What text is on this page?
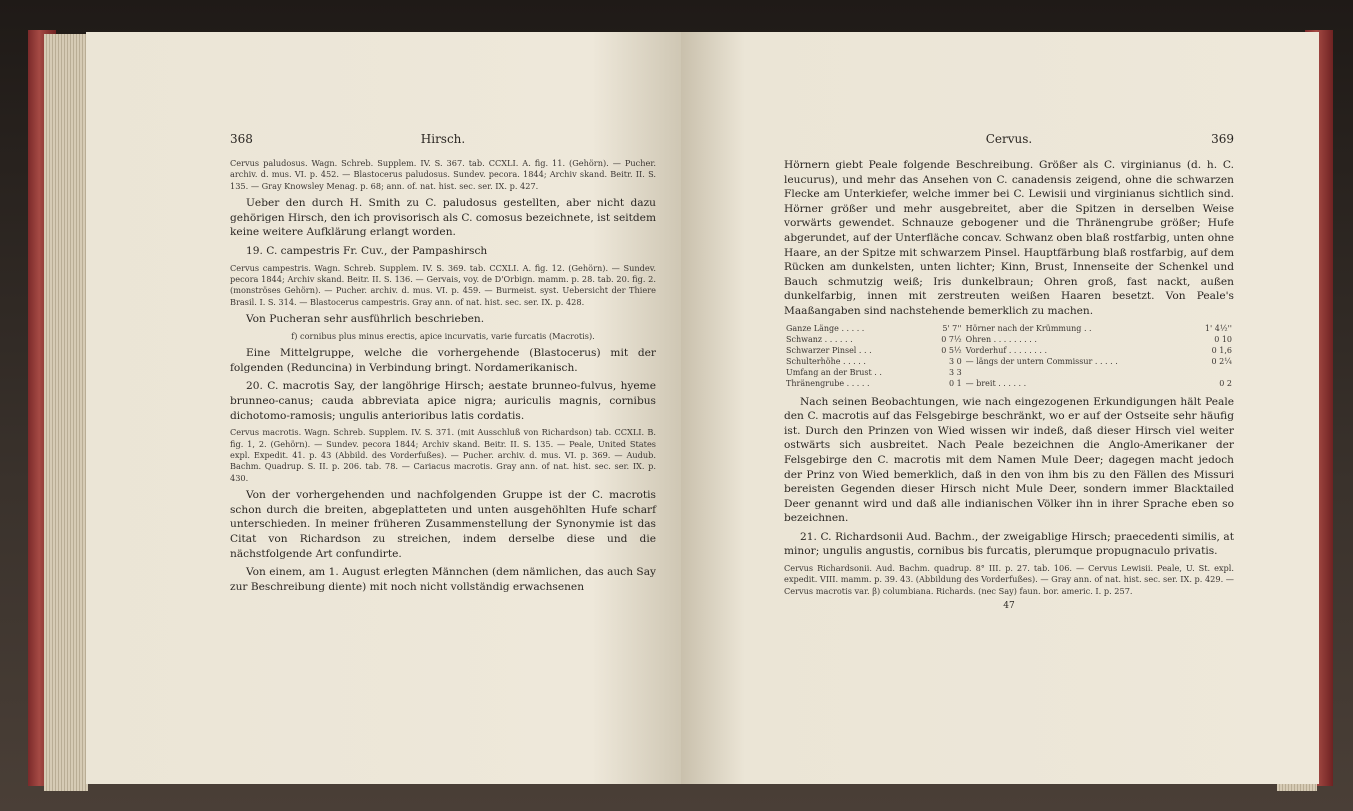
368	Hirsch.

Cervus paludosus. Wagn. Schreb. Supplem. IV. S. 367. tab. CCXLI. A. fig. 11. (Gehörn). — Pucher. archiv. d. mus. VI. p. 452. — Blastocerus paludosus. Sundev. pecora. 1844; Archiv skand. Beitr. II. S. 135. — Gray Knowsley Menag. p. 68; ann. of. nat. hist. sec. ser. IX. p. 427.

Ueber den durch H. Smith zu C. paludosus gestellten, aber nicht dazu gehörigen Hirsch, den ich provisorisch als C. comosus bezeichnete, ist seitdem keine weitere Aufklärung erlangt worden.

19. C. campestris Fr. Cuv., der Pampashirsch

Cervus campestris. Wagn. Schreb. Supplem. IV. S. 369. tab. CCXLI. A. fig. 12. (Gehörn). — Sundev. pecora 1844; Archiv skand. Beitr. II. S. 136. — Gervais, voy. de D'Orbign. mamm. p. 28. tab. 20. fig. 2. (monströses Gehörn). — Pucher. archiv. d. mus. VI. p. 459. — Burmeist. syst. Uebersicht der Thiere Brasil. I. S. 314. — Blastocerus campestris. Gray ann. of nat. hist. sec. ser. IX. p. 428.

Von Pucheran sehr ausführlich beschrieben.

f) cornibus plus minus erectis, apice incurvatis, varie furcatis (Macrotis).

Eine Mittelgruppe, welche die vorhergehende (Blastocerus) mit der folgenden (Reduncina) in Verbindung bringt. Nordamerikanisch.

20. C. macrotis Say, der langöhrige Hirsch; aestate brunneo-fulvus, hyeme brunneo-canus; cauda abbreviata apice nigra; auriculis magnis, cornibus dichotomo-ramosis; ungulis anterioribus latis cordatis.

Cervus macrotis. Wagn. Schreb. Supplem. IV. S. 371. (mit Ausschluß von Richardson) tab. CCXLI. B. fig. 1, 2. (Gehörn). — Sundev. pecora 1844; Archiv skand. Beitr. II. S. 135. — Peale, United States expl. Expedit. 41. p. 43 (Abbild. des Vorderfußes). — Pucher. archiv. d. mus. VI. p. 369. — Audub. Bachm. Quadrup. S. II. p. 206. tab. 78. — Cariacus macrotis. Gray ann. of nat. hist. sec. ser. IX. p. 430.

Von der vorhergehenden und nachfolgenden Gruppe ist der C. macrotis schon durch die breiten, abgeplatteten und unten ausgehöhlten Hufe scharf unterschieden. In meiner früheren Zusammenstellung der Synonymie ist das Citat von Richardson zu streichen, indem derselbe diese und die nächstfolgende Art confundirte.

Von einem, am 1. August erlegten Männchen (dem nämlichen, das auch Say zur Beschreibung diente) mit noch nicht vollständig erwachsenen

Cervus.	369

Hörnern giebt Peale folgende Beschreibung. Größer als C. virginianus (d. h. C. leucurus), und mehr das Ansehen von C. canadensis zeigend, ohne die schwarzen Flecke am Unterkiefer, welche immer bei C. Lewisii und virginianus sichtlich sind. Hörner größer und mehr ausgebreitet, aber die Spitzen in derselben Weise vorwärts gewendet. Schnauze gebogener und die Thränengrube größer; Hufe abgerundet, auf der Unterfläche concav. Schwanz oben blaß rostfarbig, unten ohne Haare, an der Spitze mit schwarzem Pinsel. Hauptfärbung blaß rostfarbig, auf dem Rücken am dunkelsten, unten lichter; Kinn, Brust, Innenseite der Schenkel und Bauch schmutzig weiß; Iris dunkelbraun; Ohren groß, fast nackt, außen dunkelfarbig, innen mit zerstreuten weißen Haaren besetzt. Von Peale's Maaßangaben sind nachstehende bemerklich zu machen.

Ganze Länge . . . . .	5' 7''	Hörner nach der Krümmung . .	1' 4½''
Schwanz . . . . . .	0 7½	Ohren . . . . . . . . .	0 10
Schwarzer Pinsel . . .	0 5½	Vorderhuf . . . . . . . .	0 1,6
Schulterhöhe . . . . .	3 0	— längs der untern Commissur . . . . .	0 2¼
Umfang an der Brust . .	3 3		
Thränengrube . . . . .	0 1	— breit . . . . . .	0 2

Nach seinen Beobachtungen, wie nach eingezogenen Erkundigungen hält Peale den C. macrotis auf das Felsgebirge beschränkt, wo er auf der Ostseite sehr häufig ist. Durch den Prinzen von Wied wissen wir indeß, daß dieser Hirsch viel weiter ostwärts sich ausbreitet. Nach Peale bezeichnen die Anglo-Amerikaner der Felsgebirge den C. macrotis mit dem Namen Mule Deer; dagegen macht jedoch der Prinz von Wied bemerklich, daß in den von ihm bis zu den Fällen des Missuri bereisten Gegenden dieser Hirsch nicht Mule Deer, sondern immer Blacktailed Deer genannt wird und daß alle indianischen Völker ihn in ihrer Sprache eben so bezeichnen.

21. C. Richardsonii Aud. Bachm., der zweigablige Hirsch; praecedenti similis, at minor; ungulis angustis, cornibus bis furcatis, plerumque propugnaculo privatis.

Cervus Richardsonii. Aud. Bachm. quadrup. 8° III. p. 27. tab. 106. — Cervus Lewisii. Peale, U. St. expl. expedit. VIII. mamm. p. 39. 43. (Abbildung des Vorderfußes). — Gray ann. of nat. hist. sec. ser. IX. p. 429. — Cervus macrotis var. β) columbiana. Richards. (nec Say) faun. bor. americ. I. p. 257.

47
